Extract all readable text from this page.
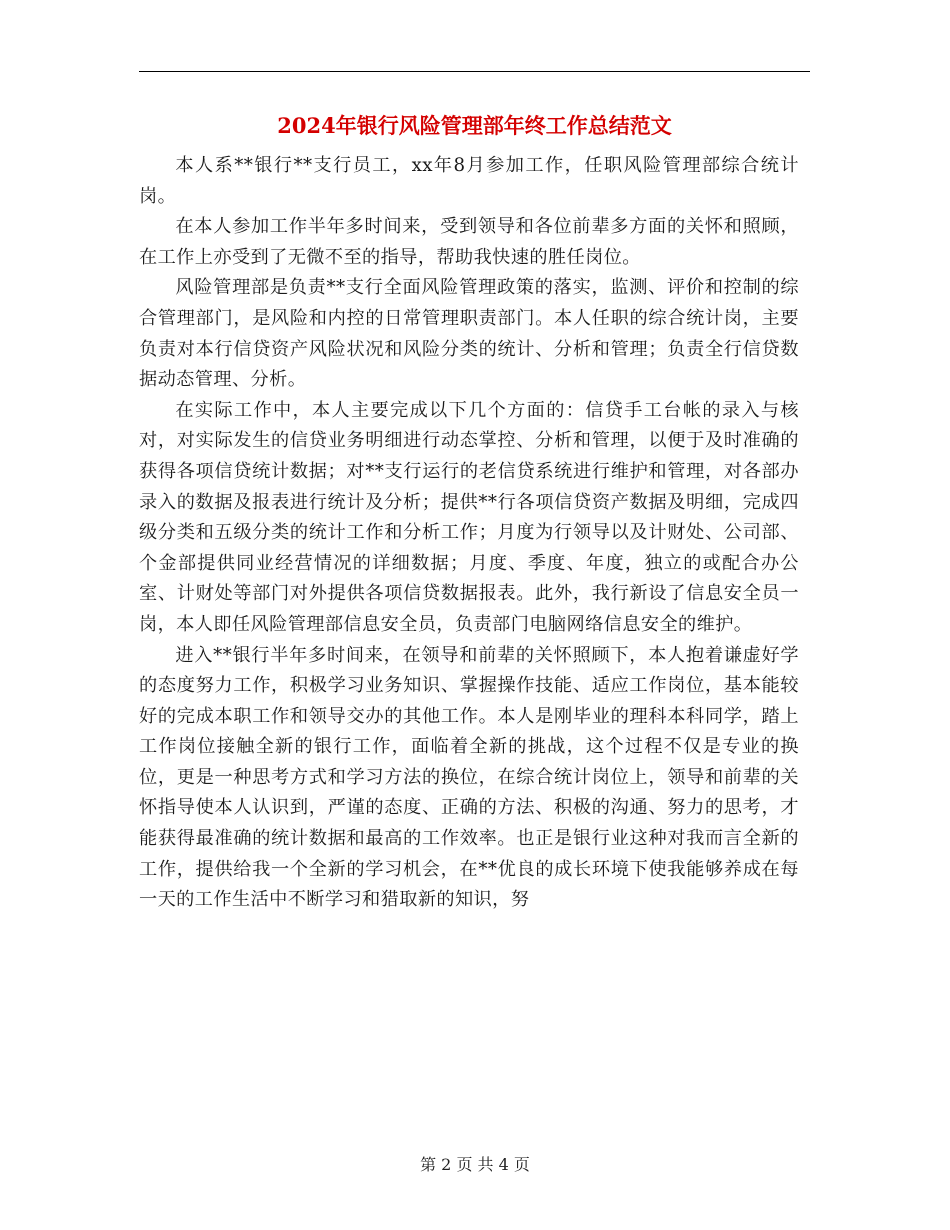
2024年银行风险管理部年终工作总结范文

本人系**银行**支行员工，xx年8月参加工作，任职风险管理部综合统计岗。

在本人参加工作半年多时间来，受到领导和各位前辈多方面的关怀和照顾，在工作上亦受到了无微不至的指导，帮助我快速的胜任岗位。

风险管理部是负责**支行全面风险管理政策的落实，监测、评价和控制的综合管理部门，是风险和内控的日常管理职责部门。本人任职的综合统计岗，主要负责对本行信贷资产风险状况和风险分类的统计、分析和管理；负责全行信贷数据动态管理、分析。

在实际工作中，本人主要完成以下几个方面的：信贷手工台帐的录入与核对，对实际发生的信贷业务明细进行动态掌控、分析和管理，以便于及时准确的获得各项信贷统计数据；对**支行运行的老信贷系统进行维护和管理，对各部办录入的数据及报表进行统计及分析；提供**行各项信贷资产数据及明细，完成四级分类和五级分类的统计工作和分析工作；月度为行领导以及计财处、公司部、个金部提供同业经营情况的详细数据；月度、季度、年度，独立的或配合办公室、计财处等部门对外提供各项信贷数据报表。此外，我行新设了信息安全员一岗，本人即任风险管理部信息安全员，负责部门电脑网络信息安全的维护。

进入**银行半年多时间来，在领导和前辈的关怀照顾下，本人抱着谦虚好学的态度努力工作，积极学习业务知识、掌握操作技能、适应工作岗位，基本能较好的完成本职工作和领导交办的其他工作。本人是刚毕业的理科本科同学，踏上工作岗位接触全新的银行工作，面临着全新的挑战，这个过程不仅是专业的换位，更是一种思考方式和学习方法的换位，在综合统计岗位上，领导和前辈的关怀指导使本人认识到，严谨的态度、正确的方法、积极的沟通、努力的思考，才能获得最准确的统计数据和最高的工作效率。也正是银行业这种对我而言全新的工作，提供给我一个全新的学习机会，在**优良的成长环境下使我能够养成在每一天的工作生活中不断学习和猎取新的知识，努

第 2 页 共 4 页
